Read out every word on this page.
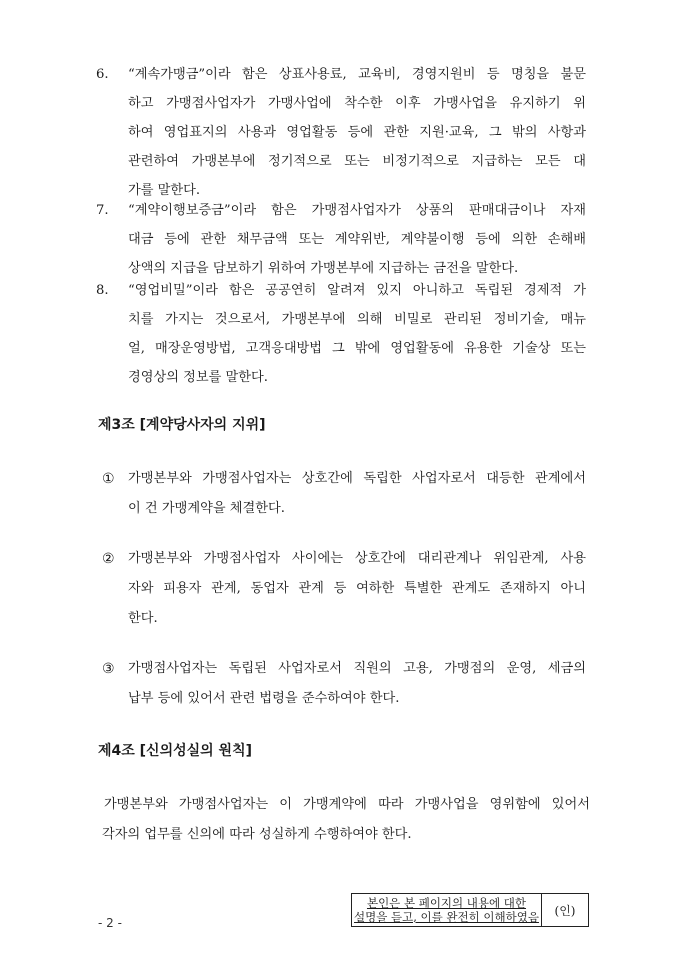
6. “계속가맹금”이라 함은 상표사용료, 교육비, 경영지원비 등 명칭을 불문
하고 가맹점사업자가 가맹사업에 착수한 이후 가맹사업을 유지하기 위
하여 영업표지의 사용과 영업활동 등에 관한 지원·교육, 그 밖의 사항과
관련하여 가맹본부에 정기적으로 또는 비정기적으로 지급하는 모든 대
가를 말한다.
7. “계약이행보증금”이라 함은 가맹점사업자가 상품의 판매대금이나 자재
대금 등에 관한 채무금액 또는 계약위반, 계약불이행 등에 의한 손해배
상액의 지급을 담보하기 위하여 가맹본부에 지급하는 금전을 말한다.
8. “영업비밀”이라 함은 공공연히 알려져 있지 아니하고 독립된 경제적 가
치를 가지는 것으로서, 가맹본부에 의해 비밀로 관리된 정비기술, 매뉴
얼, 매장운영방법, 고객응대방법 그 밖에 영업활동에 유용한 기술상 또는
경영상의 정보를 말한다.
제3조 [계약당사자의 지위]
① 가맹본부와 가맹점사업자는 상호간에 독립한 사업자로서 대등한 관계에서
이 건 가맹계약을 체결한다.
② 가맹본부와 가맹점사업자 사이에는 상호간에 대리관계나 위임관계, 사용
자와 피용자 관계, 동업자 관계 등 여하한 특별한 관계도 존재하지 아니
한다.
③ 가맹점사업자는 독립된 사업자로서 직원의 고용, 가맹점의 운영, 세금의
납부 등에 있어서 관련 법령을 준수하여야 한다.
제4조 [신의성실의 원칙]
가맹본부와 가맹점사업자는 이 가맹계약에 따라 가맹사업을 영위함에 있어서
각자의 업무를 신의에 따라 성실하게 수행하여야 한다.
- 2 -
본인은 본 페이지의 내용에 대한
설명을 듣고, 이를 완전히 이해하였음	(인)
